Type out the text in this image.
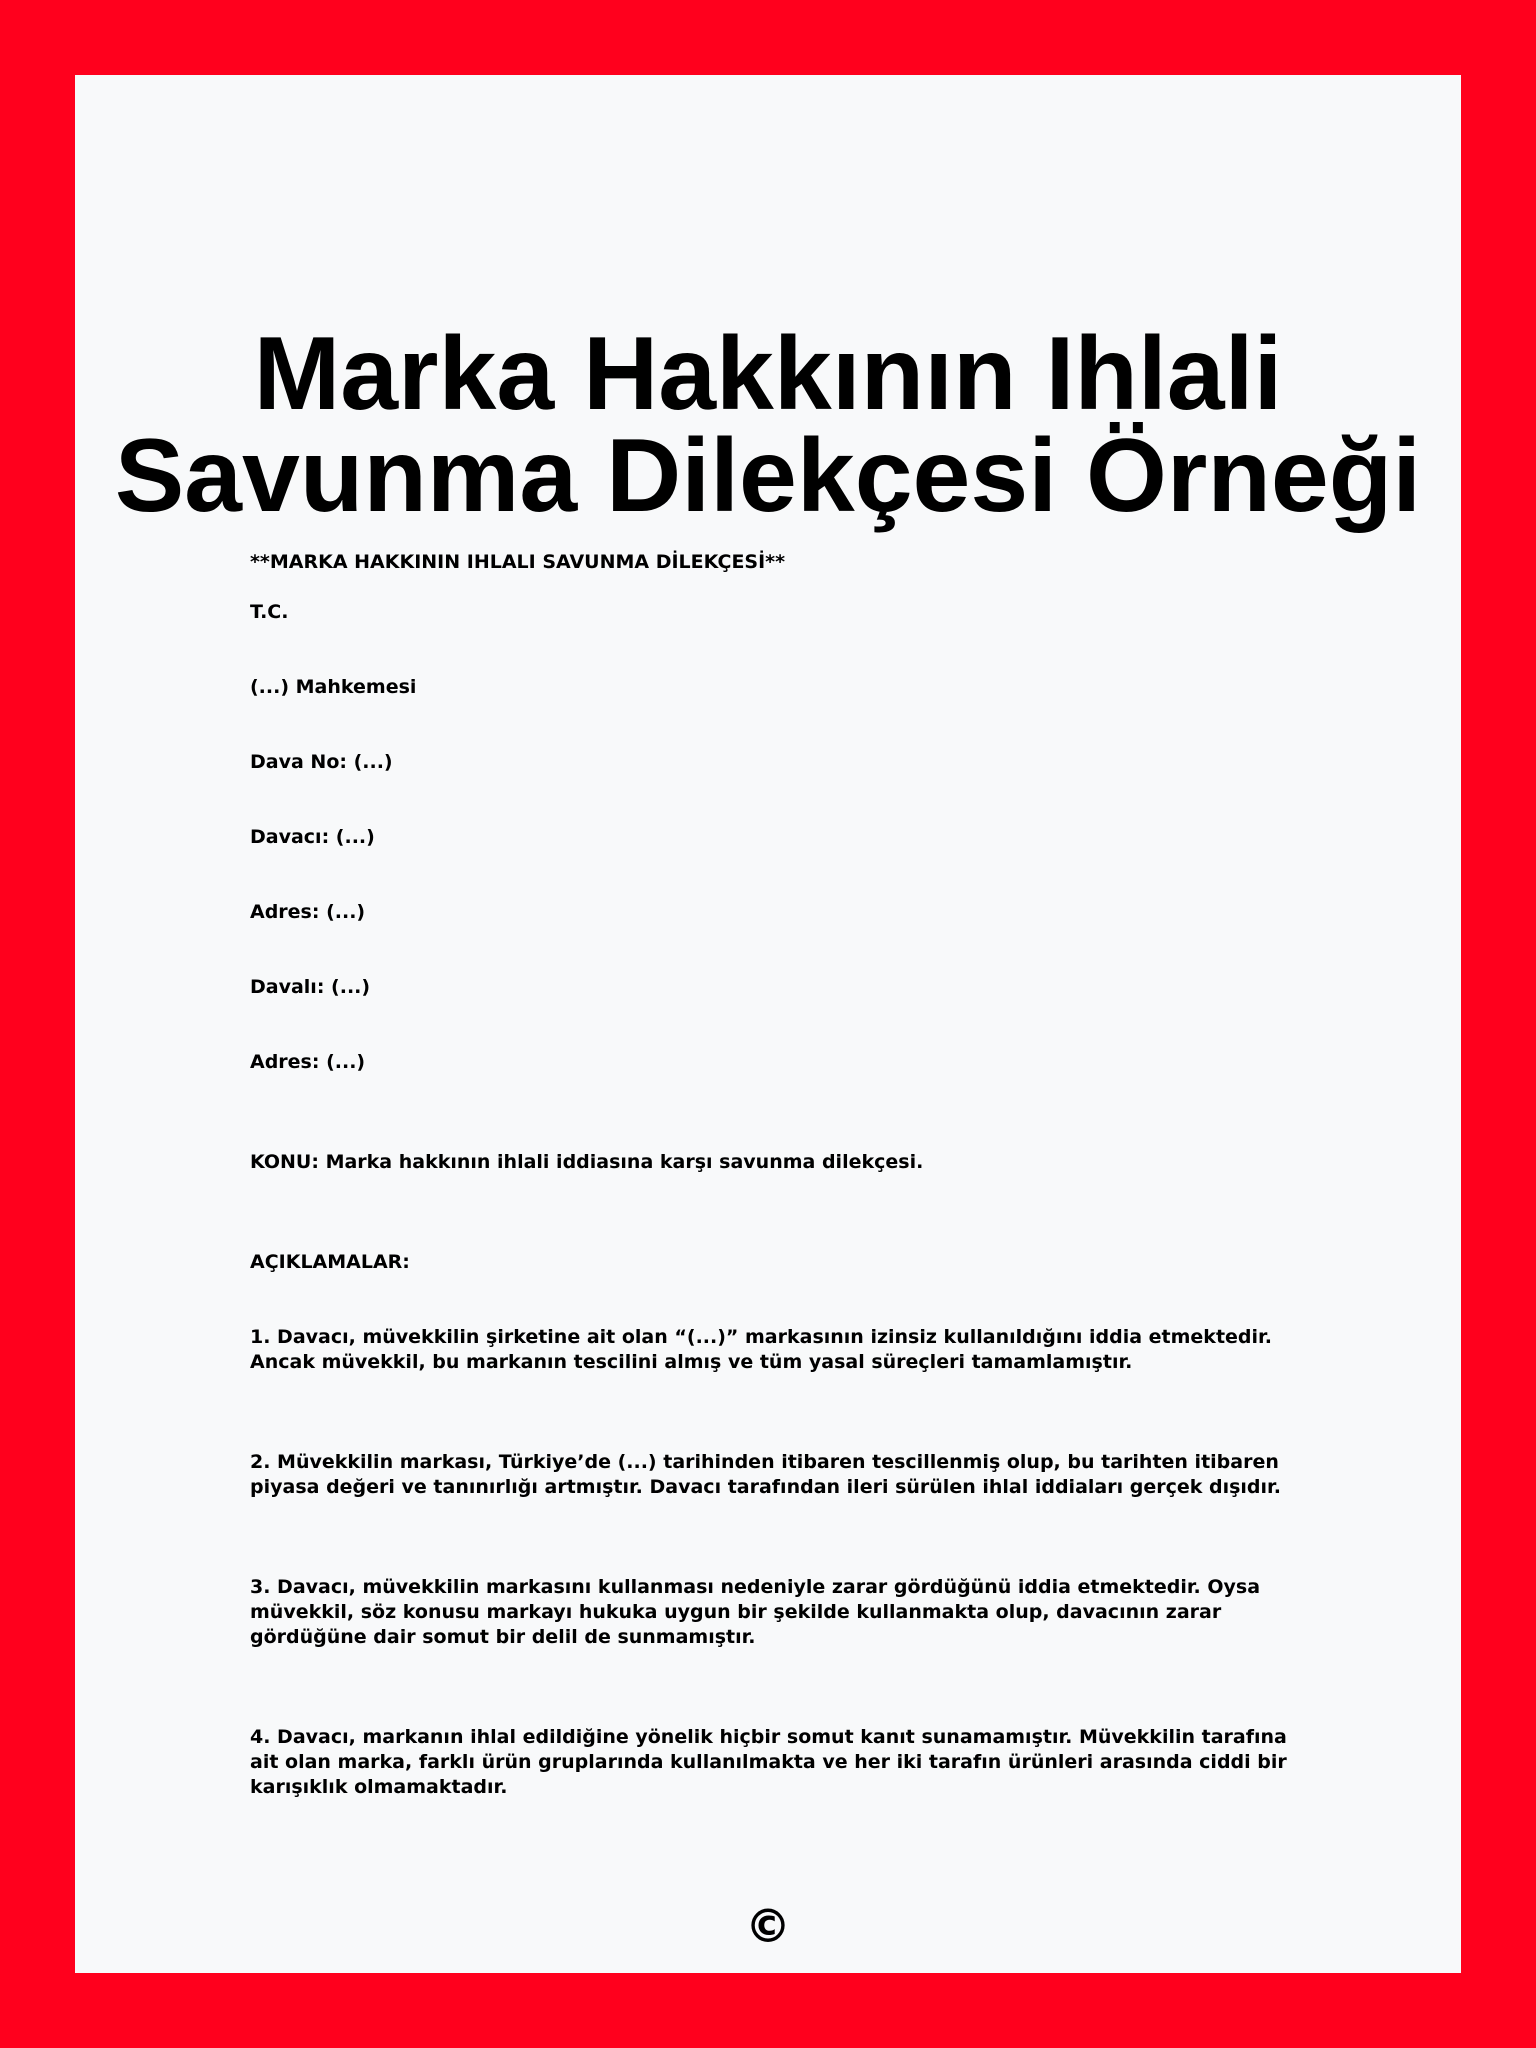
Marka Hakkının Ihlali
Savunma Dilekçesi Örneği
**MARKA HAKKININ IHLALI SAVUNMA DİLEKÇESİ**
T.C.
(...) Mahkemesi
Dava No: (...)
Davacı: (...)
Adres: (...)
Davalı: (...)
Adres: (...)
KONU: Marka hakkının ihlali iddiasına karşı savunma dilekçesi.
AÇIKLAMALAR:
1. Davacı, müvekkilin şirketine ait olan “(...)” markasının izinsiz kullanıldığını iddia etmektedir. Ancak müvekkil, bu markanın tescilini almış ve tüm yasal süreçleri tamamlamıştır.
2. Müvekkilin markası, Türkiye’de (...) tarihinden itibaren tescillenmiş olup, bu tarihten itibaren piyasa değeri ve tanınırlığı artmıştır. Davacı tarafından ileri sürülen ihlal iddiaları gerçek dışıdır.
3. Davacı, müvekkilin markasını kullanması nedeniyle zarar gördüğünü iddia etmektedir. Oysa müvekkil, söz konusu markayı hukuka uygun bir şekilde kullanmakta olup, davacının zarar gördüğüne dair somut bir delil de sunmamıştır.
4. Davacı, markanın ihlal edildiğine yönelik hiçbir somut kanıt sunamamıştır. Müvekkilin tarafına ait olan marka, farklı ürün gruplarında kullanılmakta ve her iki tarafın ürünleri arasında ciddi bir karışıklık olmamaktadır.
©
